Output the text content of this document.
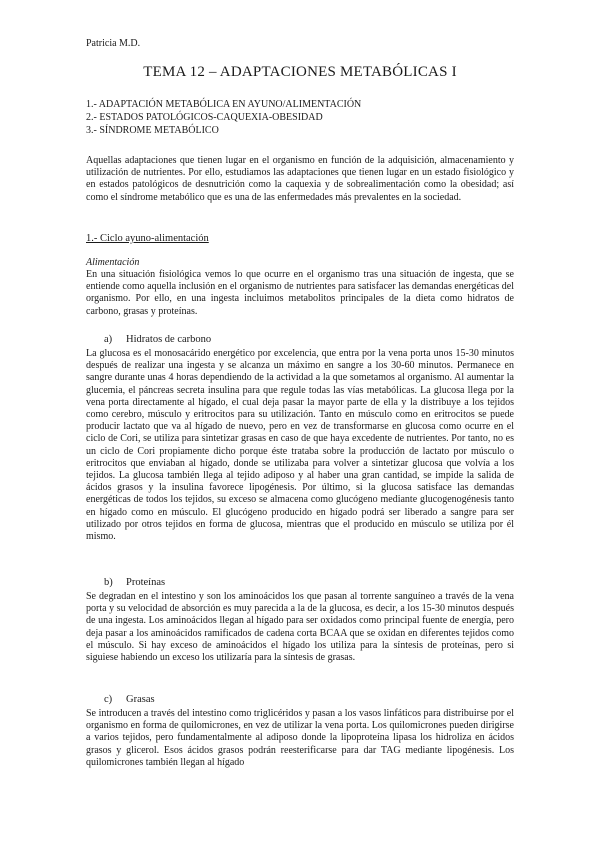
Patricia M.D.
TEMA 12 – ADAPTACIONES METABÓLICAS I
1.- ADAPTACIÓN METABÓLICA EN AYUNO/ALIMENTACIÓN
2.- ESTADOS PATOLÓGICOS-CAQUEXIA-OBESIDAD
3.- SÍNDROME METABÓLICO

Aquellas adaptaciones que tienen lugar en el organismo en función de la adquisición, almacenamiento y utilización de nutrientes. Por ello, estudiamos las adaptaciones que tienen lugar en un estado fisiológico y en estados patológicos de desnutrición como la caquexia y de sobrealimentación como la obesidad; así como el síndrome metabólico que es una de las enfermedades más prevalentes en la sociedad.

1.- Ciclo ayuno-alimentación
Alimentación

En una situación fisiológica vemos lo que ocurre en el organismo tras una situación de ingesta, que se entiende como aquella inclusión en el organismo de nutrientes para satisfacer las demandas energéticas del organismo. Por ello, en una ingesta incluimos metabolitos principales de la dieta como hidratos de carbono, grasas y proteínas.

a) Hidratos de carbono

La glucosa es el monosacárido energético por excelencia, que entra por la vena porta unos 15-30 minutos después de realizar una ingesta y se alcanza un máximo en sangre a los 30-60 minutos. Permanece en sangre durante unas 4 horas dependiendo de la actividad a la que sometamos al organismo. Al aumentar la glucemia, el páncreas secreta insulina para que regule todas las vías metabólicas. La glucosa llega por la vena porta directamente al hígado, el cual deja pasar la mayor parte de ella y la distribuye a los tejidos como cerebro, músculo y eritrocitos para su utilización. Tanto en músculo como en eritrocitos se puede producir lactato que va al hígado de nuevo, pero en vez de transformarse en glucosa como ocurre en el ciclo de Cori, se utiliza para sintetizar grasas en caso de que haya excedente de nutrientes. Por tanto, no es un ciclo de Cori propiamente dicho porque éste trataba sobre la producción de lactato por músculo o eritrocitos que enviaban al hígado, donde se utilizaba para volver a sintetizar glucosa que volvía a los tejidos. La glucosa también llega al tejido adiposo y al haber una gran cantidad, se impide la salida de ácidos grasos y la insulina favorece lipogénesis. Por último, si la glucosa satisface las demandas energéticas de todos los tejidos, su exceso se almacena como glucógeno mediante glucogenogénesis tanto en hígado como en músculo. El glucógeno producido en hígado podrá ser liberado a sangre para ser utilizado por otros tejidos en forma de glucosa, mientras que el producido en músculo se utiliza por él mismo.

b) Proteínas

Se degradan en el intestino y son los aminoácidos los que pasan al torrente sanguíneo a través de la vena porta y su velocidad de absorción es muy parecida a la de la glucosa, es decir, a los 15-30 minutos después de una ingesta. Los aminoácidos llegan al hígado para ser oxidados como principal fuente de energía, pero deja pasar a los aminoácidos ramificados de cadena corta BCAA que se oxidan en diferentes tejidos como el músculo. Si hay exceso de aminoácidos el hígado los utiliza para la síntesis de proteínas, pero si siguiese habiendo un exceso los utilizaría para la síntesis de grasas.

c) Grasas

Se introducen a través del intestino como triglicéridos y pasan a los vasos linfáticos para distribuirse por el organismo en forma de quilomicrones, en vez de utilizar la vena porta. Los quilomicrones pueden dirigirse a varios tejidos, pero fundamentalmente al adiposo donde la lipoproteína lipasa los hidroliza en ácidos grasos y glicerol. Esos ácidos grasos podrán reesterificarse para dar TAG mediante lipogénesis. Los quilomicrones también llegan al hígado
